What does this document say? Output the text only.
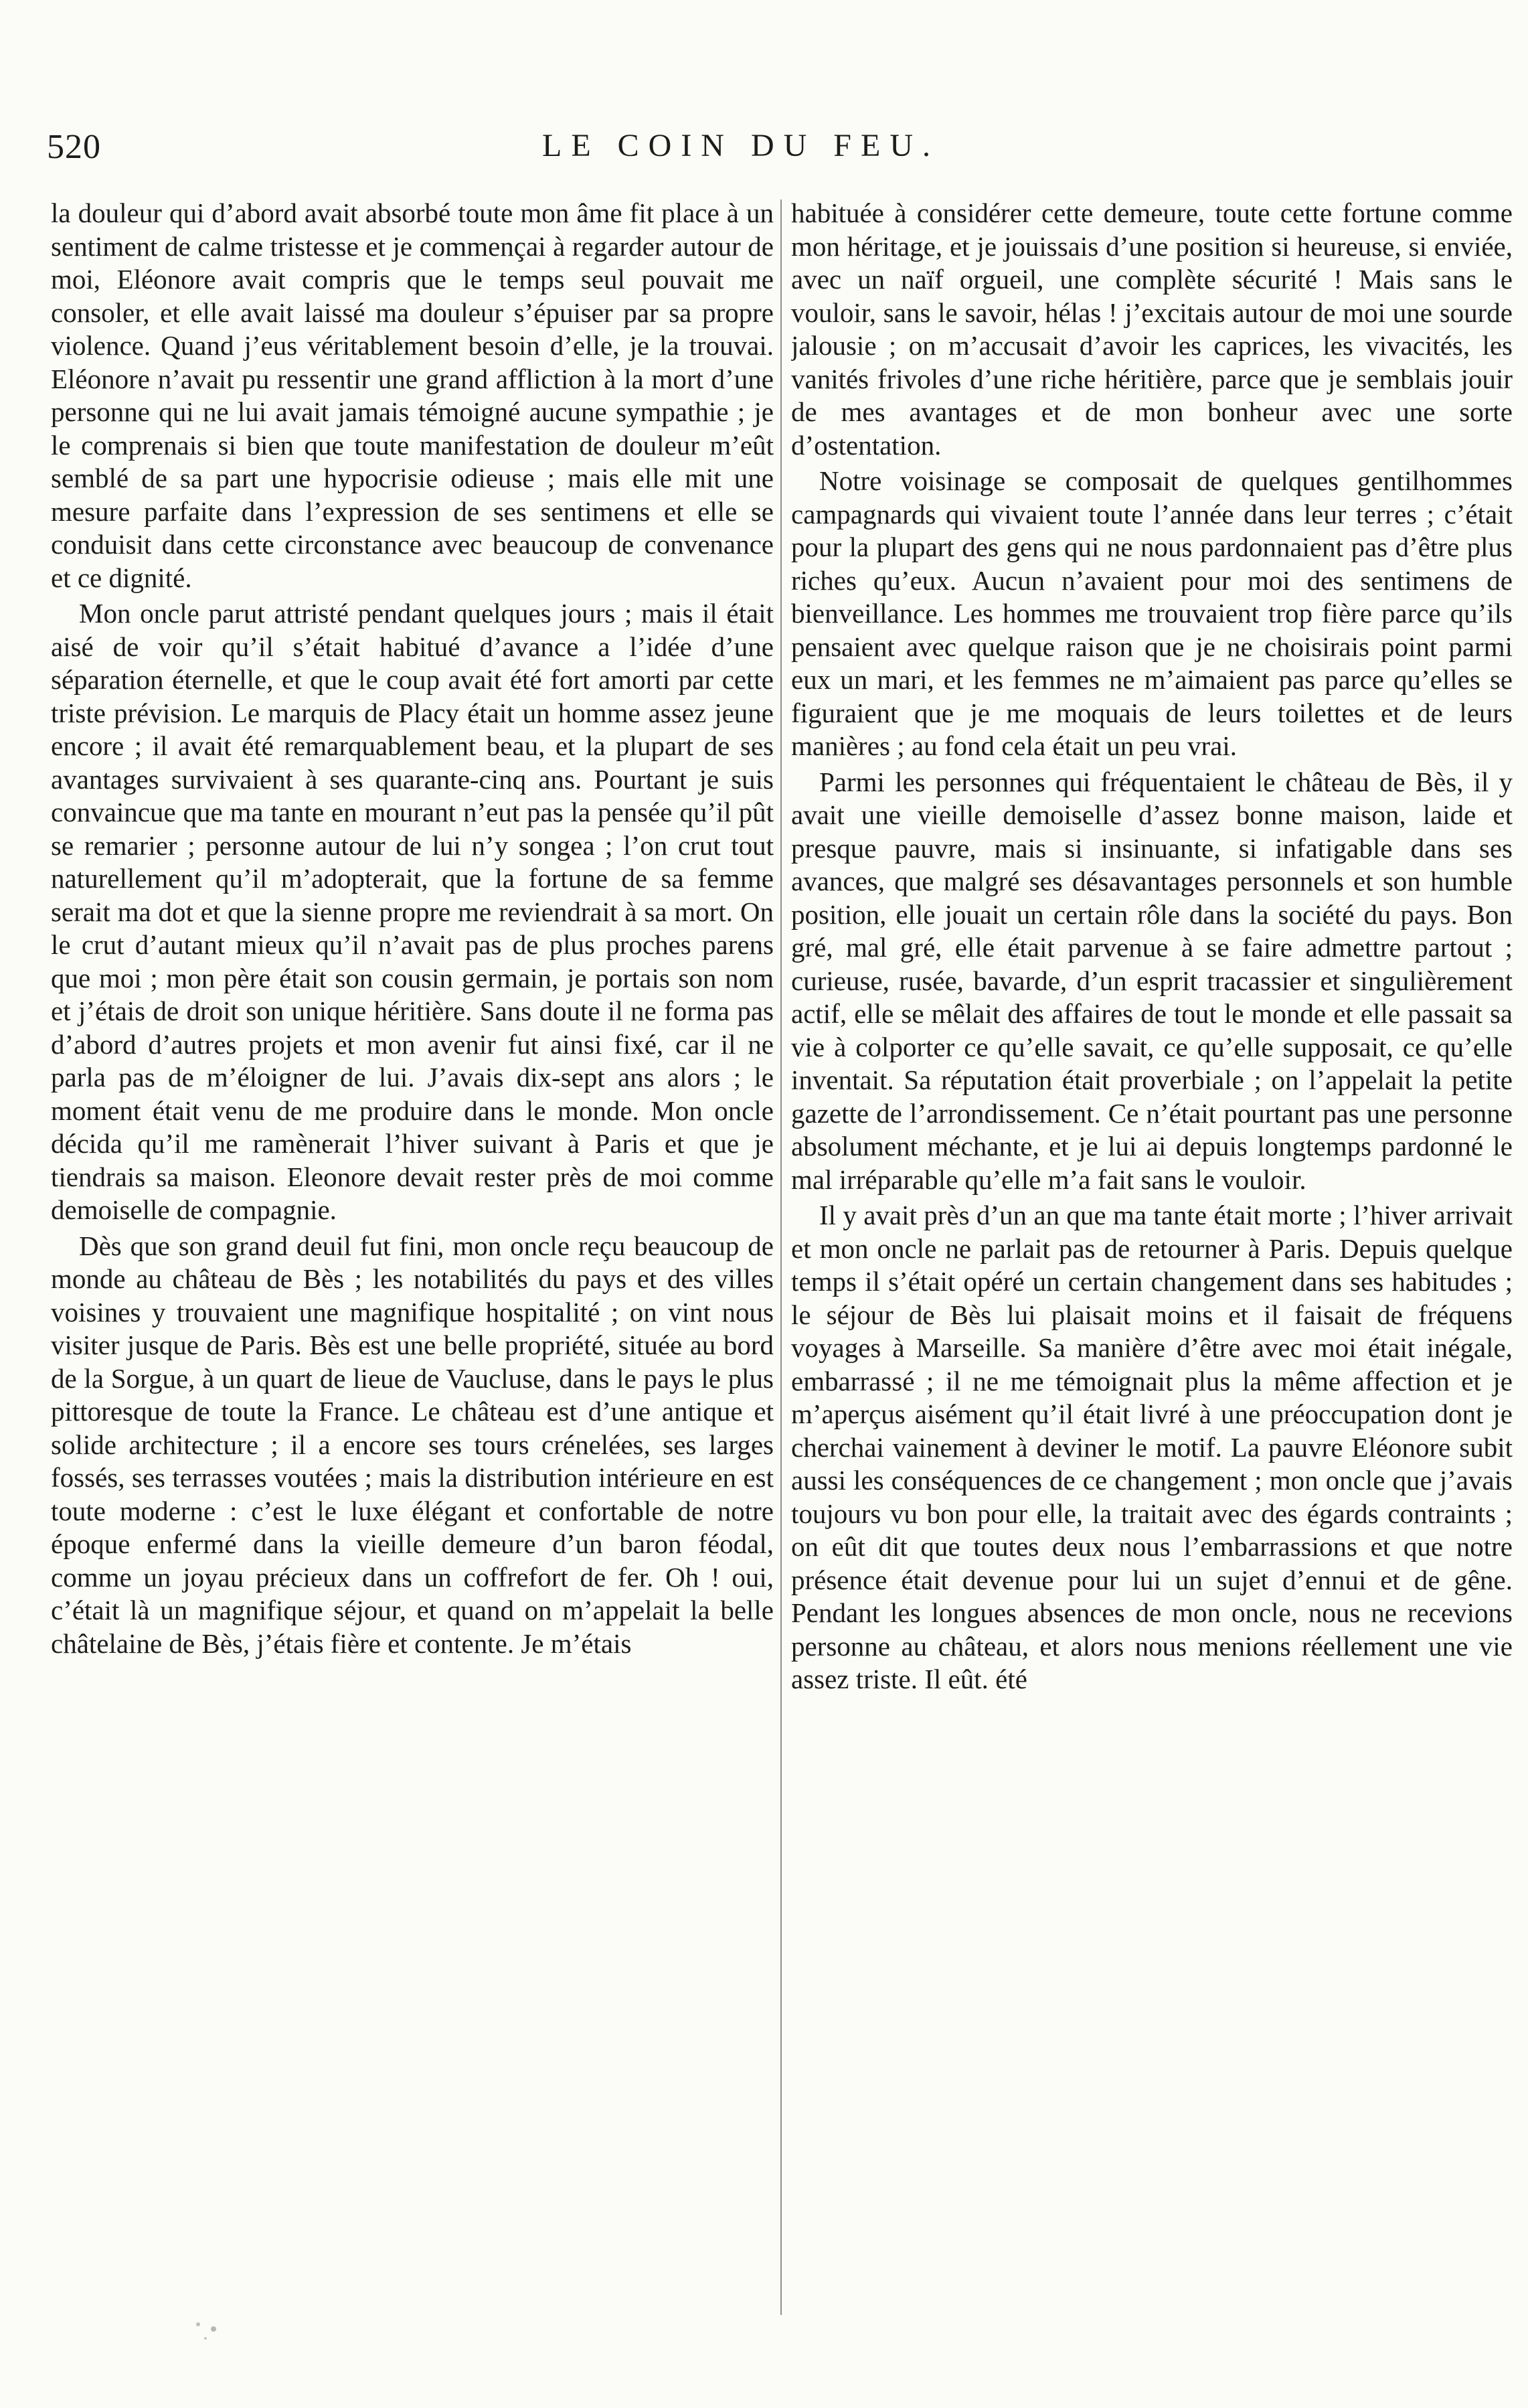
520	LE COIN DU FEU.

la douleur qui d’abord avait absorbé toute mon âme fit place à un sentiment de calme tristesse et je commençai à regarder autour de moi, Eléonore avait compris que le temps seul pouvait me consoler, et elle avait laissé ma douleur s’épuiser par sa propre violence. Quand j’eus véritablement besoin d’elle, je la trouvai. Eléonore n’avait pu ressentir une grand affliction à la mort d’une personne qui ne lui avait jamais témoigné aucune sympathie ; je le comprenais si bien que toute manifestation de douleur m’eût semblé de sa part une hypocrisie odieuse ; mais elle mit une mesure parfaite dans l’expression de ses sentimens et elle se conduisit dans cette circonstance avec beaucoup de convenance et ce dignité.

Mon oncle parut attristé pendant quelques jours ; mais il était aisé de voir qu’il s’était habitué d’avance a l’idée d’une séparation éternelle, et que le coup avait été fort amorti par cette triste prévision. Le marquis de Placy était un homme assez jeune encore ; il avait été remarquablement beau, et la plupart de ses avantages survivaient à ses quarante-cinq ans. Pourtant je suis convaincue que ma tante en mourant n’eut pas la pensée qu’il pût se remarier ; personne autour de lui n’y songea ; l’on crut tout naturellement qu’il m’adopterait, que la fortune de sa femme serait ma dot et que la sienne propre me reviendrait à sa mort. On le crut d’autant mieux qu’il n’avait pas de plus proches parens que moi ; mon père était son cousin germain, je portais son nom et j’étais de droit son unique héritière. Sans doute il ne forma pas d’abord d’autres projets et mon avenir fut ainsi fixé, car il ne parla pas de m’éloigner de lui. J’avais dix-sept ans alors ; le moment était venu de me produire dans le monde. Mon oncle décida qu’il me ramènerait l’hiver suivant à Paris et que je tiendrais sa maison. Eleonore devait rester près de moi comme demoiselle de compagnie.

Dès que son grand deuil fut fini, mon oncle reçu beaucoup de monde au château de Bès ; les notabilités du pays et des villes voisines y trouvaient une magnifique hospitalité ; on vint nous visiter jusque de Paris. Bès est une belle propriété, située au bord de la Sorgue, à un quart de lieue de Vaucluse, dans le pays le plus pittoresque de toute la France. Le château est d’une antique et solide architecture ; il a encore ses tours crénelées, ses larges fossés, ses terrasses voutées ; mais la distribution intérieure en est toute moderne : c’est le luxe élégant et confortable de notre époque enfermé dans la vieille demeure d’un baron féodal, comme un joyau précieux dans un coffrefort de fer. Oh ! oui, c’était là un magnifique séjour, et quand on m’appelait la belle châtelaine de Bès, j’étais fière et contente. Je m’étais

habituée à considérer cette demeure, toute cette fortune comme mon héritage, et je jouissais d’une position si heureuse, si enviée, avec un naïf orgueil, une complète sécurité ! Mais sans le vouloir, sans le savoir, hélas ! j’excitais autour de moi une sourde jalousie ; on m’accusait d’avoir les caprices, les vivacités, les vanités frivoles d’une riche héritière, parce que je semblais jouir de mes avantages et de mon bonheur avec une sorte d’ostentation.

Notre voisinage se composait de quelques gentilhommes campagnards qui vivaient toute l’année dans leur terres ; c’était pour la plupart des gens qui ne nous pardonnaient pas d’être plus riches qu’eux. Aucun n’avaient pour moi des sentimens de bienveillance. Les hommes me trouvaient trop fière parce qu’ils pensaient avec quelque raison que je ne choisirais point parmi eux un mari, et les femmes ne m’aimaient pas parce qu’elles se figuraient que je me moquais de leurs toilettes et de leurs manières ; au fond cela était un peu vrai.

Parmi les personnes qui fréquentaient le château de Bès, il y avait une vieille demoiselle d’assez bonne maison, laide et presque pauvre, mais si insinuante, si infatigable dans ses avances, que malgré ses désavantages personnels et son humble position, elle jouait un certain rôle dans la société du pays. Bon gré, mal gré, elle était parvenue à se faire admettre partout ; curieuse, rusée, bavarde, d’un esprit tracassier et singulièrement actif, elle se mêlait des affaires de tout le monde et elle passait sa vie à colporter ce qu’elle savait, ce qu’elle supposait, ce qu’elle inventait. Sa réputation était proverbiale ; on l’appelait la petite gazette de l’arrondissement. Ce n’était pourtant pas une personne absolument méchante, et je lui ai depuis longtemps pardonné le mal irréparable qu’elle m’a fait sans le vouloir.

Il y avait près d’un an que ma tante était morte ; l’hiver arrivait et mon oncle ne parlait pas de retourner à Paris. Depuis quelque temps il s’était opéré un certain changement dans ses habitudes ; le séjour de Bès lui plaisait moins et il faisait de fréquens voyages à Marseille. Sa manière d’être avec moi était inégale, embarrassé ; il ne me témoignait plus la même affection et je m’aperçus aisément qu’il était livré à une préoccupation dont je cherchai vainement à deviner le motif. La pauvre Eléonore subit aussi les conséquences de ce changement ; mon oncle que j’avais toujours vu bon pour elle, la traitait avec des égards contraints ; on eût dit que toutes deux nous l’embarrassions et que notre présence était devenue pour lui un sujet d’ennui et de gêne. Pendant les longues absences de mon oncle, nous ne recevions personne au château, et alors nous menions réellement une vie assez triste. Il eût. été
